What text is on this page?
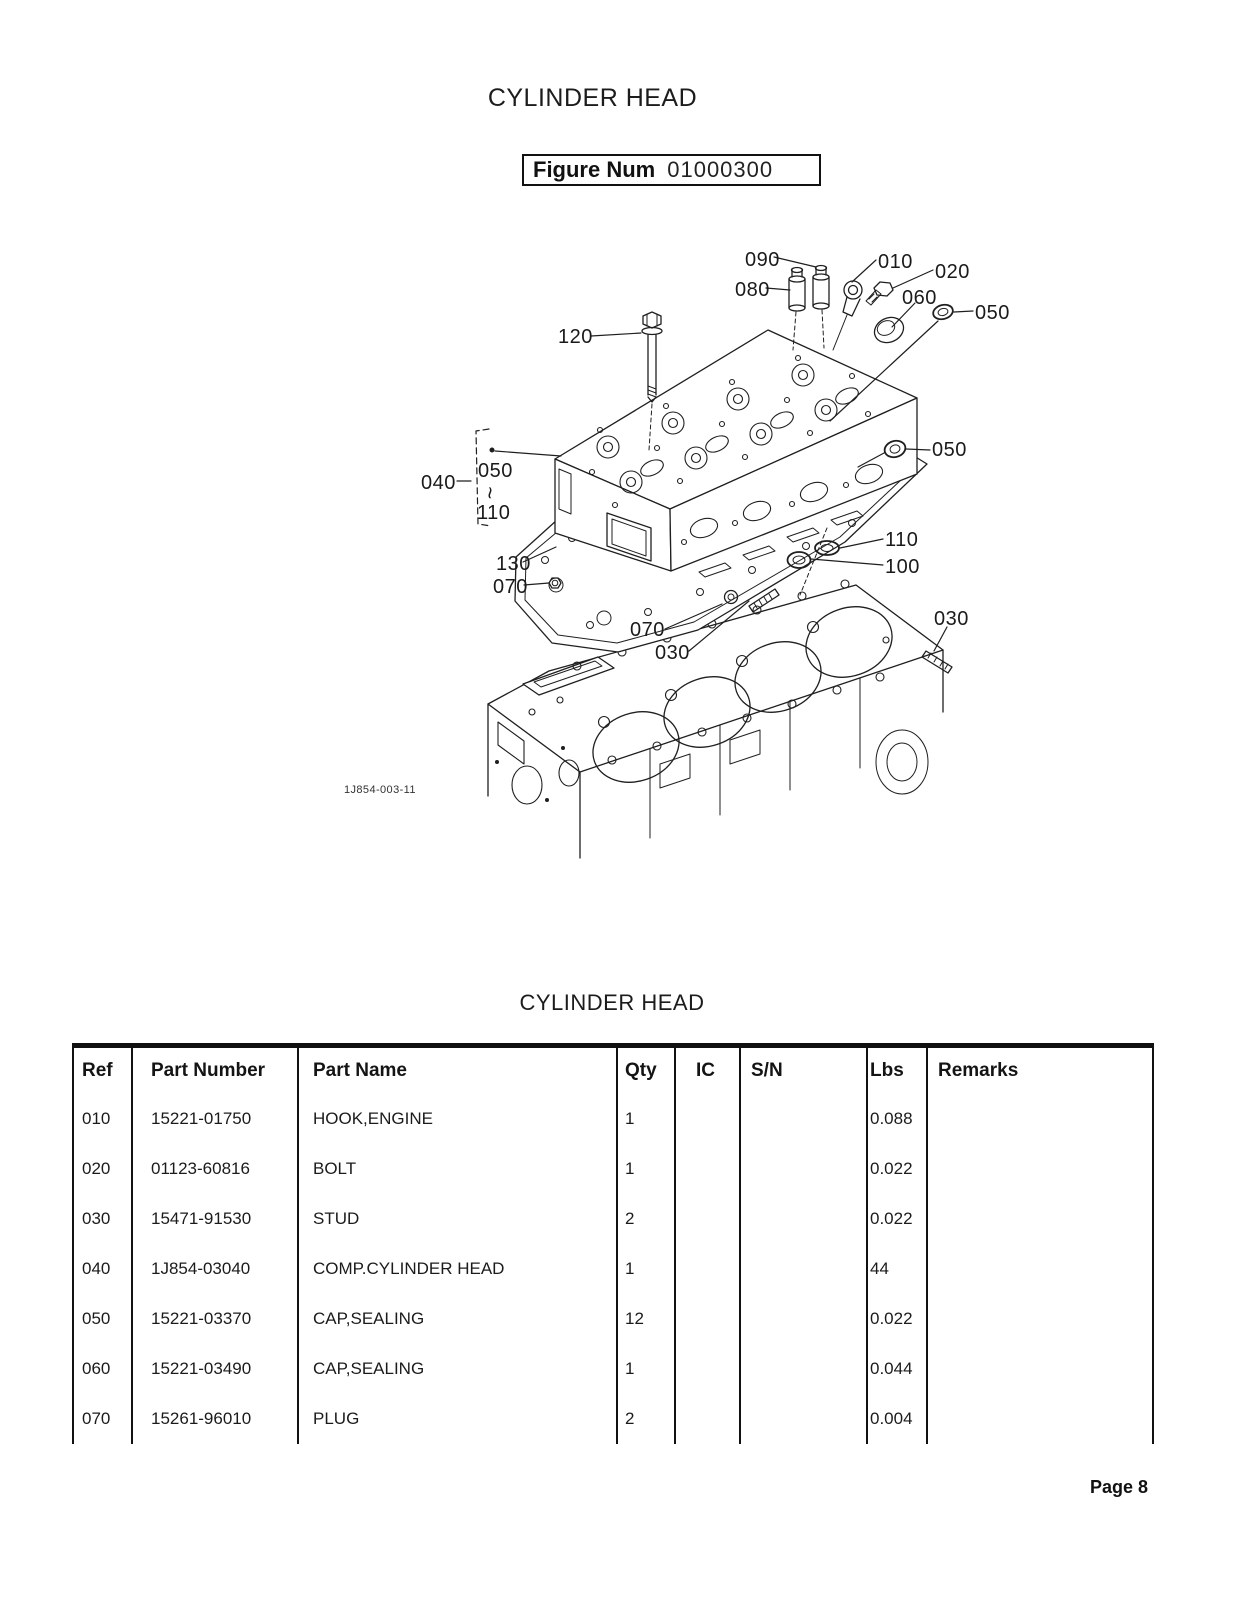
CYLINDER HEAD
Figure Num 01000300
090	010 020
080	060
050
120
050
040
050
~
110
130
070
110
100
070
030
030
1J854-003-11
CYLINDER HEAD
Ref	Part Number	Part Name	Qty	IC	S/N	Lbs	Remarks
010	15221-01750	HOOK,ENGINE	1			0.088	
020	01123-60816	BOLT	1			0.022	
030	15471-91530	STUD	2			0.022	
040	1J854-03040	COMP.CYLINDER HEAD	1			44	
050	15221-03370	CAP,SEALING	12			0.022	
060	15221-03490	CAP,SEALING	1			0.044	
070	15261-96010	PLUG	2			0.004	
Page 8
